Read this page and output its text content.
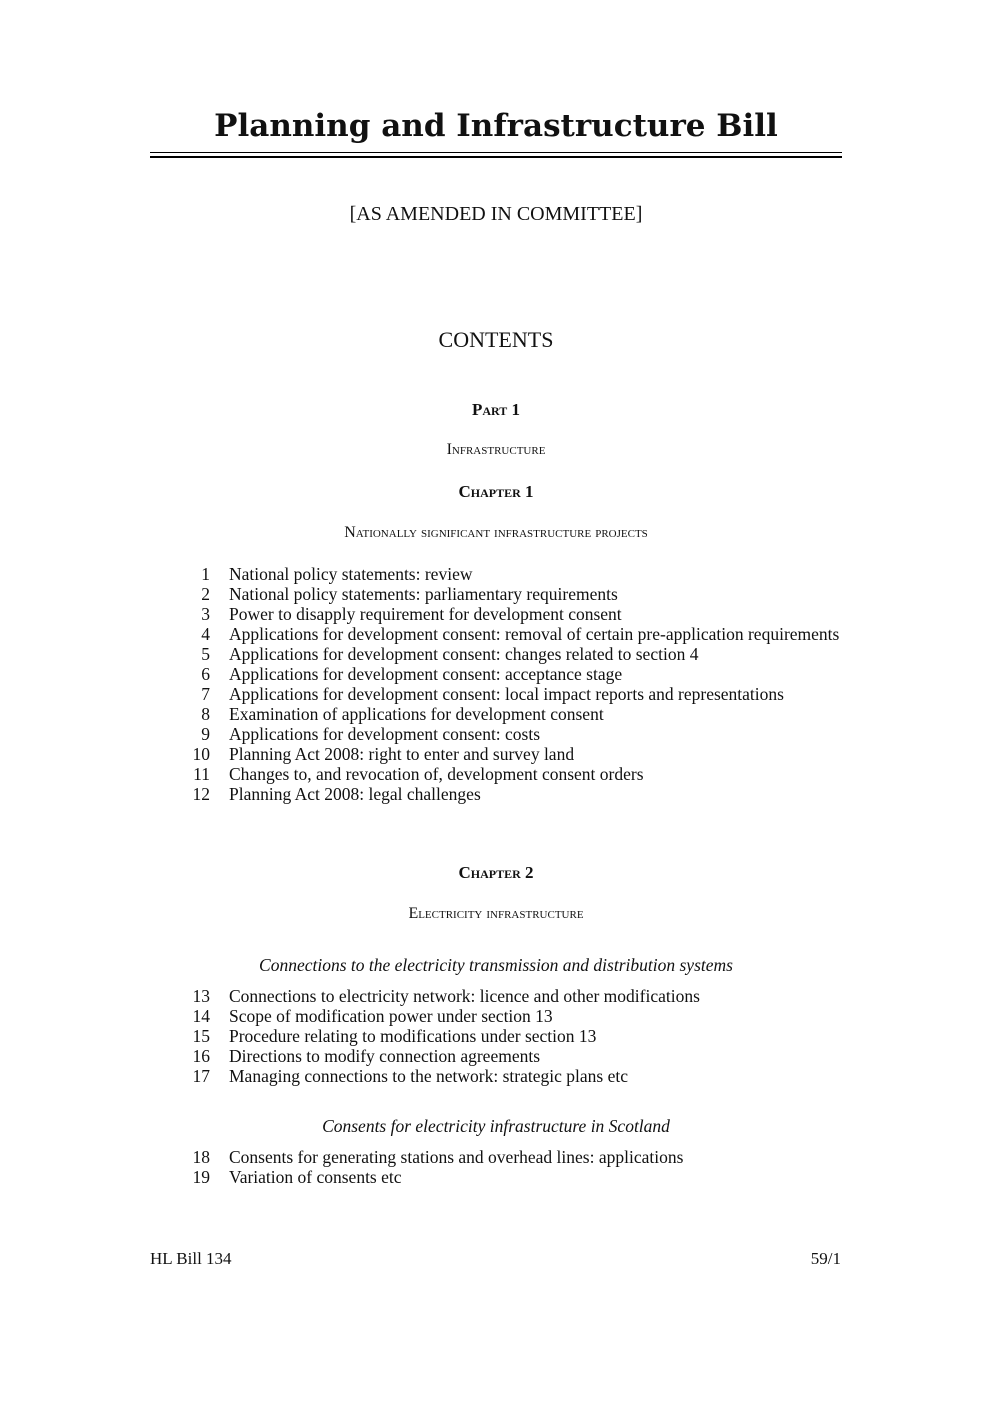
Planning and Infrastructure Bill
[AS AMENDED IN COMMITTEE]
CONTENTS
Part 1
Infrastructure
Chapter 1
Nationally significant infrastructure projects
1 National policy statements: review
2 National policy statements: parliamentary requirements
3 Power to disapply requirement for development consent
4 Applications for development consent: removal of certain pre-application requirements
5 Applications for development consent: changes related to section 4
6 Applications for development consent: acceptance stage
7 Applications for development consent: local impact reports and representations
8 Examination of applications for development consent
9 Applications for development consent: costs
10 Planning Act 2008: right to enter and survey land
11 Changes to, and revocation of, development consent orders
12 Planning Act 2008: legal challenges
Chapter 2
Electricity infrastructure
Connections to the electricity transmission and distribution systems
13 Connections to electricity network: licence and other modifications
14 Scope of modification power under section 13
15 Procedure relating to modifications under section 13
16 Directions to modify connection agreements
17 Managing connections to the network: strategic plans etc
Consents for electricity infrastructure in Scotland
18 Consents for generating stations and overhead lines: applications
19 Variation of consents etc
HL Bill 134	59/1
